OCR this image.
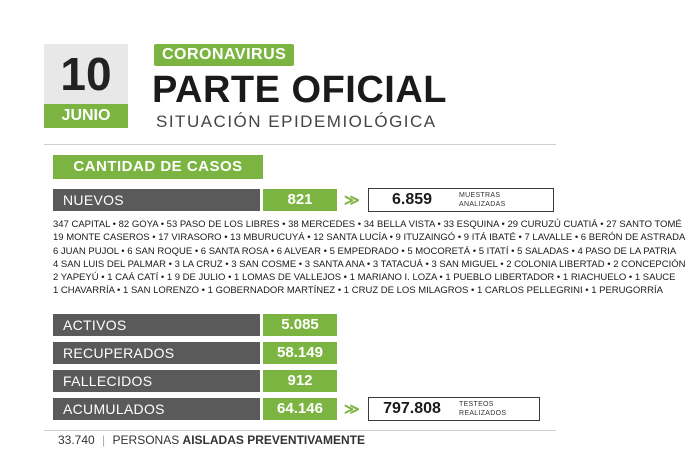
10
JUNIO
CORONAVIRUS
PARTE OFICIAL
SITUACIÓN EPIDEMIOLÓGICA
CANTIDAD DE CASOS
NUEVOS	821	≫	6.859	MUESTRAS
ANALIZADAS
347 CAPITAL • 82 GOYA • 53 PASO DE LOS LIBRES • 38 MERCEDES • 34 BELLA VISTA • 33 ESQUINA • 29 CURUZÚ CUATIÁ • 27 SANTO TOMÉ
19 MONTE CASEROS • 17 VIRASORO • 13 MBURUCUYÁ • 12 SANTA LUCÍA • 9 ITUZAINGÓ • 9 ITÁ IBATÉ • 7 LAVALLE • 6 BERÓN DE ASTRADA
6 JUAN PUJOL • 6 SAN ROQUE • 6 SANTA ROSA • 6 ALVEAR • 5 EMPEDRADO • 5 MOCORETÁ • 5 ITATÍ • 5 SALADAS • 4 PASO DE LA PATRIA
4 SAN LUIS DEL PALMAR • 3 LA CRUZ • 3 SAN COSME • 3 SANTA ANA • 3 TATACUÁ • 3 SAN MIGUEL • 2 COLONIA LIBERTAD • 2 CONCEPCIÓN
2 YAPEYÚ • 1 CAÁ CATÍ • 1 9 DE JULIO • 1 LOMAS DE VALLEJOS • 1 MARIANO I. LOZA • 1 PUEBLO LIBERTADOR • 1 RIACHUELO • 1 SAUCE
1 CHAVARRÍA • 1 SAN LORENZO • 1 GOBERNADOR MARTÍNEZ • 1 CRUZ DE LOS MILAGROS • 1 CARLOS PELLEGRINI • 1 PERUGORRÍA
ACTIVOS	5.085
RECUPERADOS	58.149
FALLECIDOS	912
ACUMULADOS	64.146	≫	797.808	TESTEOS
REALIZADOS
33.740 | PERSONAS AISLADAS PREVENTIVAMENTE
